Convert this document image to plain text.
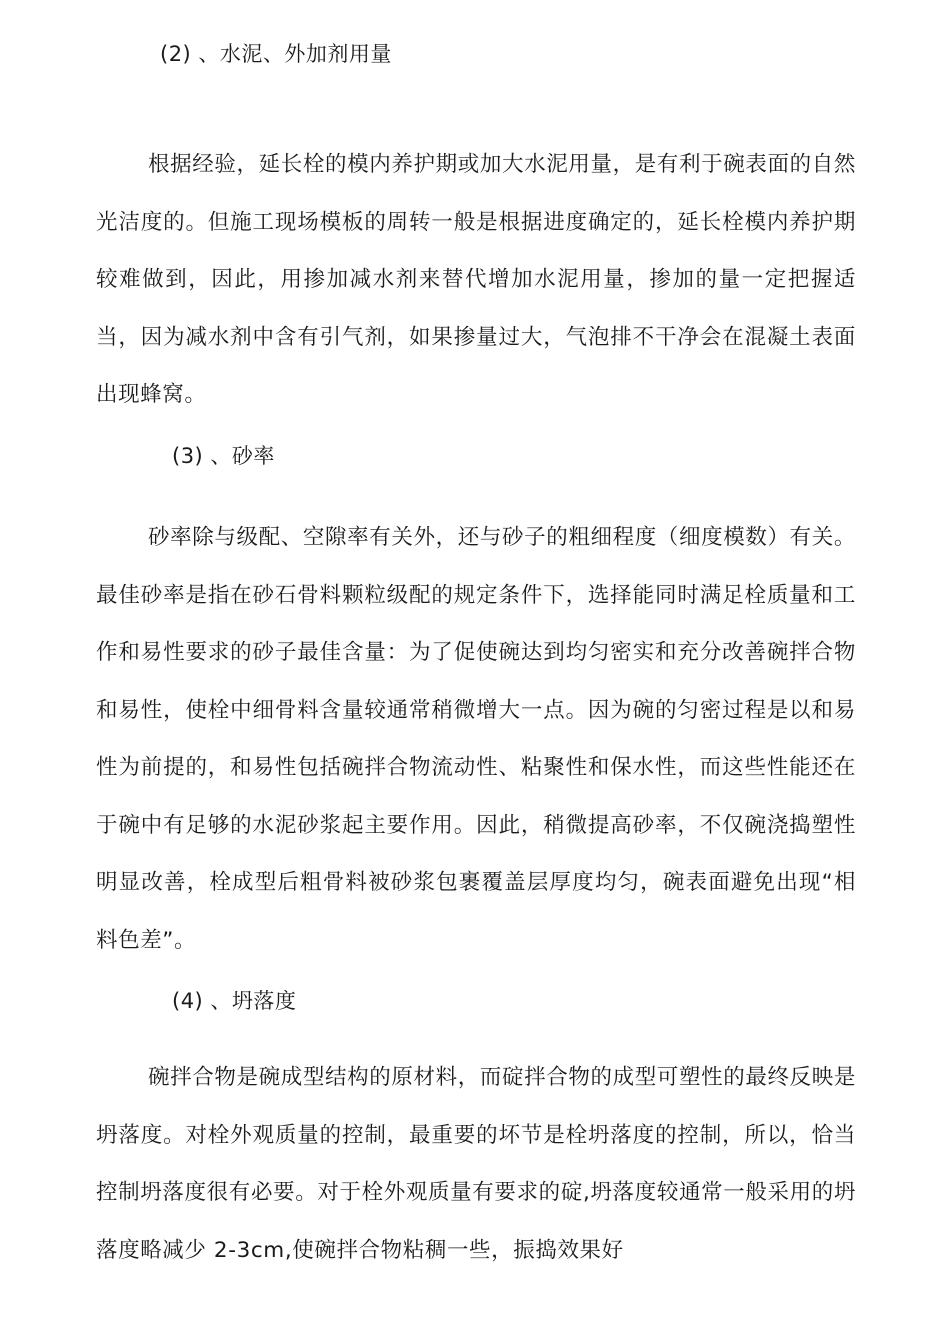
(2) 、水泥、外加剂用量

根据经验，延长栓的模内养护期或加大水泥用量，是有利于碗表面的自然光洁度的。但施工现场模板的周转一般是根据进度确定的，延长栓模内养护期较难做到，因此，用掺加减水剂来替代增加水泥用量，掺加的量一定把握适当，因为减水剂中含有引气剂，如果掺量过大，气泡排不干净会在混凝土表面出现蜂窝。

(3) 、砂率

砂率除与级配、空隙率有关外，还与砂子的粗细程度（细度模数）有关。最佳砂率是指在砂石骨料颗粒级配的规定条件下，选择能同时满足栓质量和工作和易性要求的砂子最佳含量：为了促使碗达到均匀密实和充分改善碗拌合物和易性，使栓中细骨料含量较通常稍微增大一点。因为碗的匀密过程是以和易性为前提的，和易性包括碗拌合物流动性、粘聚性和保水性，而这些性能还在于碗中有足够的水泥砂浆起主要作用。因此，稍微提高砂率，不仅碗浇捣塑性明显改善，栓成型后粗骨料被砂浆包裹覆盖层厚度均匀，碗表面避免出现“相料色差”。

(4) 、坍落度

碗拌合物是碗成型结构的原材料，而碇拌合物的成型可塑性的最终反映是坍落度。对栓外观质量的控制，最重要的坏节是栓坍落度的控制，所以，恰当控制坍落度很有必要。对于栓外观质量有要求的碇,坍落度较通常一般采用的坍落度略减少 2-3cm,使碗拌合物粘稠一些，振捣效果好
